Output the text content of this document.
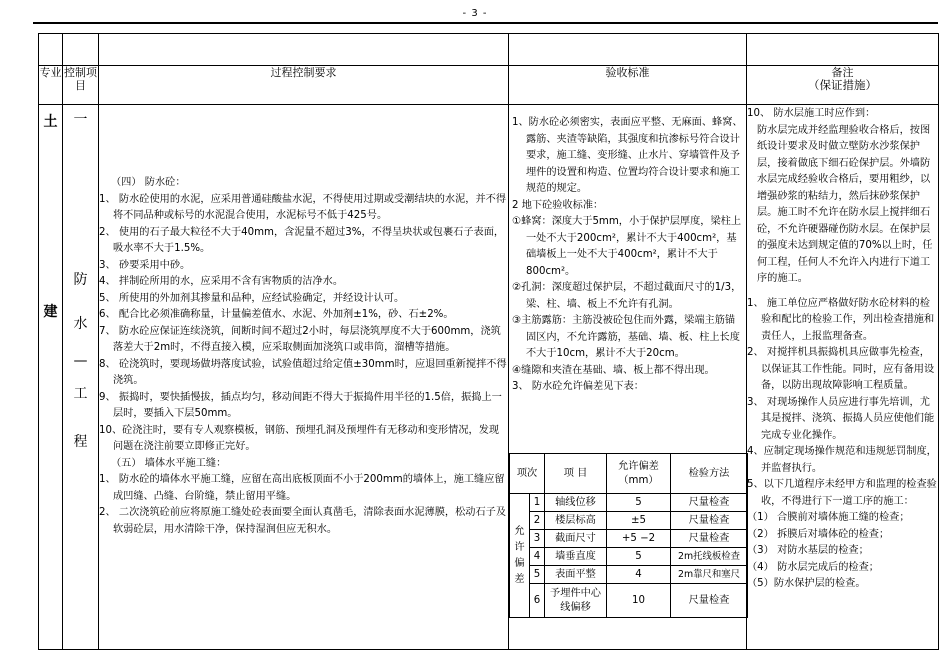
- 3 -

专业	控制项目	过程控制要求	验收标准	备注
（保证措施）

土
建

一
防
水
—
工
程

（四） 防水砼：

1、 防水砼使用的水泥，应采用普通硅酸盐水泥，不得使用过期或受潮结块的水泥，并不得将不同品种或标号的水泥混合使用，水泥标号不低于425号。

2、 使用的石子最大粒径不大于40mm，含泥量不超过3%，不得呈块状或包裹石子表面，吸水率不大于1.5%。

3、 砂要采用中砂。

4、 拌制砼所用的水，应采用不含有害物质的洁净水。

5、 所使用的外加剂其掺量和品种，应经试验确定，并经设计认可。

6、 配合比必须准确称量，计量偏差值水、水泥、外加剂±1%，砂、石±2%。

7、 防水砼应保证连续浇筑，间断时间不超过2小时，每层浇筑厚度不大于600mm，浇筑落差大于2m时，不得直接入模，应采取侧面加浇筑口或串筒，溜槽等措施。

8、 砼浇筑时，要现场做坍落度试验，试验值超过给定值±30mm时，应退回重新搅拌不得浇筑。

9、 振捣时，要快插慢拔，插点均匀，移动间距不得大于振捣件用半径的1.5倍，振捣上一层时，要插入下层50mm。

10、砼浇注时，要有专人观察模板，钢筋、预埋孔洞及预埋件有无移动和变形情况，发现问题在浇注前要立即修正完好。

（五） 墙体水平施工缝：

1、 防水砼的墙体水平施工缝，应留在高出底板顶面不小于200mm的墙体上，施工缝应留成凹缝、凸缝、台阶缝，禁止留用平缝。

2、 二次浇筑砼前应将原施工缝处砼表面要全面认真凿毛，清除表面水泥薄膜，松动石子及软弱砼层，用水清除干净，保持湿润但应无积水。

1、防水砼必须密实，表面应平整、无麻面、蜂窝、露筋、夹渣等缺陷，其强度和抗渗标号符合设计要求，施工缝、变形缝、止水片、穿墙管件及予埋件的设置和构造、位置均符合设计要求和施工规范的规定。

2 地下砼验收标准：

①蜂窝：深度大于5mm，小于保护层厚度，梁柱上一处不大于200cm²，累计不大于400cm²，基础墙板上一处不大于400cm²，累计不大于800cm²。

②孔洞：深度超过保护层，不超过截面尺寸的1/3，梁、柱、墙、板上不允许有孔洞。

③主筋露筋：主筋没被砼包住而外露，梁端主筋锚固区内，不允许露筋，基础、墙、板、柱上长度不大于10cm，累计不大于20cm。

④缝隙和夹渣在基础、墙、板上都不得出现。

3、 防水砼允许偏差见下表：

项次	项 目	允许偏差（mm）	检验方法

允
许
偏
差
	1	轴线位移	5	尺量检查
2	楼层标高	±5	尺量检查
3	截面尺寸	+5 −2	尺量检查
4	墙垂直度	5	2m托线板检查
5	表面平整	4	2m靠尺和塞尺
6	予埋件中心线偏移	10	尺量检查

10、 防水层施工时应作到：

防水层完成并经监理验收合格后，按图纸设计要求及时做立壁防水沙浆保护层，接着做底下细石砼保护层。外墙防水层完成经验收合格后，要用粗纱，以增强砂浆的粘结力，然后抹砂浆保护层。施工时不允许在防水层上搅拌细石砼，不允许硬器碰伤防水层。在保护层的强度未达到规定值的70%以上时，任何工程，任何人不允许入内进行下道工序的施工。

1、 施工单位应严格做好防水砼材料的检验和配比的检验工作，列出检查措施和责任人，上报监理备查。

2、 对搅拌机具振捣机具应做事先检查，以保证其工作性能。同时，应有备用设备，以防出现故障影响工程质量。

3、 对现场操作人员应进行事先培训，尤其是搅拌、浇筑、振捣人员应使他们能完成专业化操作。

4、应制定现场操作规范和违规惩罚制度，并监督执行。

5、以下几道程序未经甲方和监理的检查验收，不得进行下一道工序的施工：

（1） 合膜前对墙体施工缝的检查；

（2） 拆膜后对墙体砼的检查；

（3） 对防水基层的检查；

（4） 防水层完成后的检查；

（5）防水保护层的检查。
